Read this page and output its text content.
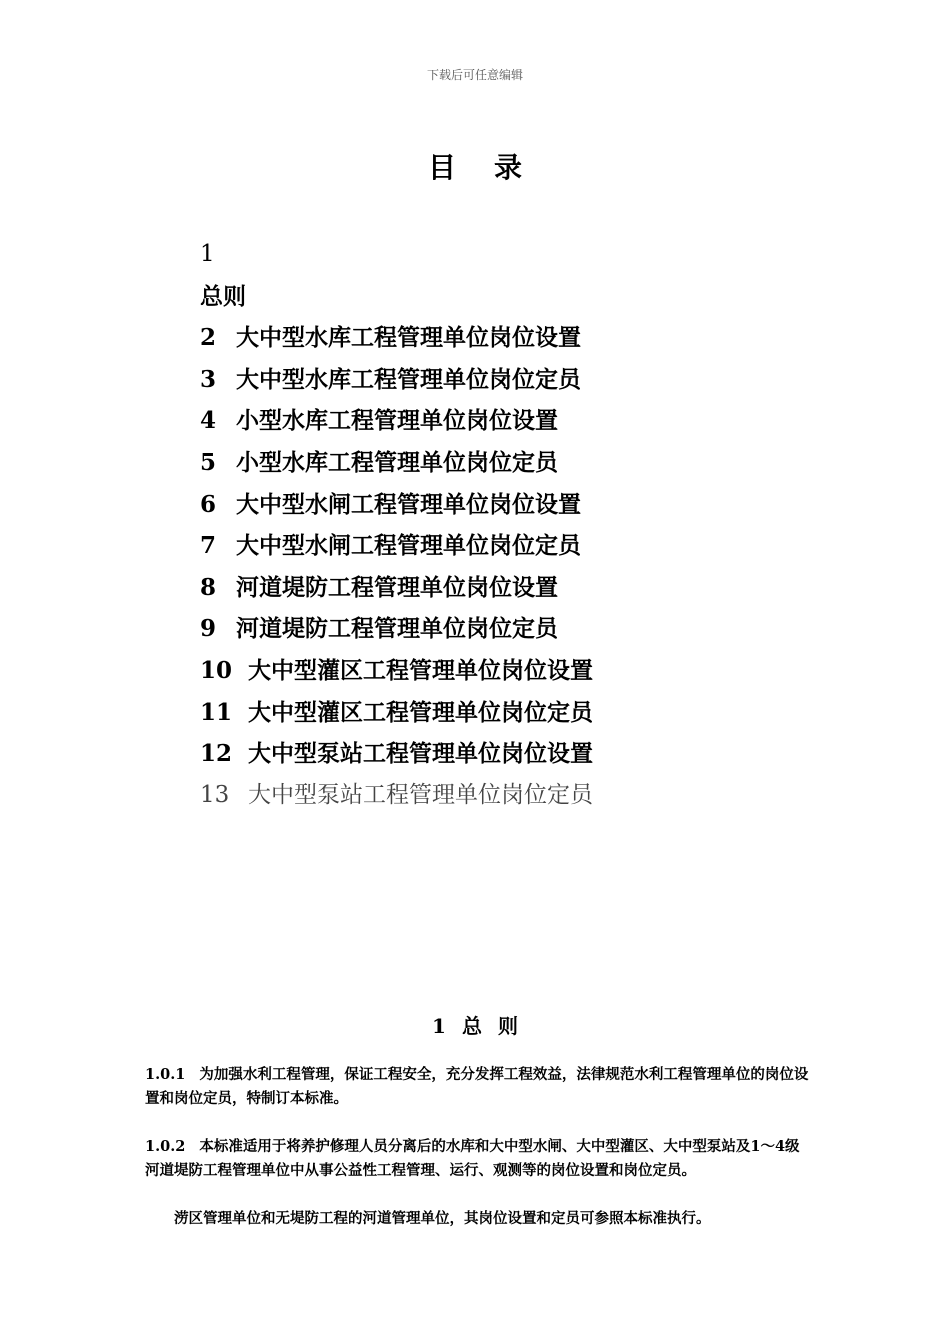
下载后可任意编辑
目录
1
总则
2 大中型水库工程管理单位岗位设置
3 大中型水库工程管理单位岗位定员
4 小型水库工程管理单位岗位设置
5 小型水库工程管理单位岗位定员
6 大中型水闸工程管理单位岗位设置
7 大中型水闸工程管理单位岗位定员
8 河道堤防工程管理单位岗位设置
9 河道堤防工程管理单位岗位定员
10 大中型灌区工程管理单位岗位设置
11 大中型灌区工程管理单位岗位定员
12 大中型泵站工程管理单位岗位设置
13 大中型泵站工程管理单位岗位定员
1 总 则
1.0.1 为加强水利工程管理，保证工程安全，充分发挥工程效益，法律规范水利工程管理单位的岗位设置和岗位定员，特制订本标准。
1.0.2 本标准适用于将养护修理人员分离后的水库和大中型水闸、大中型灌区、大中型泵站及1～4级河道堤防工程管理单位中从事公益性工程管理、运行、观测等的岗位设置和岗位定员。
涝区管理单位和无堤防工程的河道管理单位，其岗位设置和定员可参照本标准执行。
